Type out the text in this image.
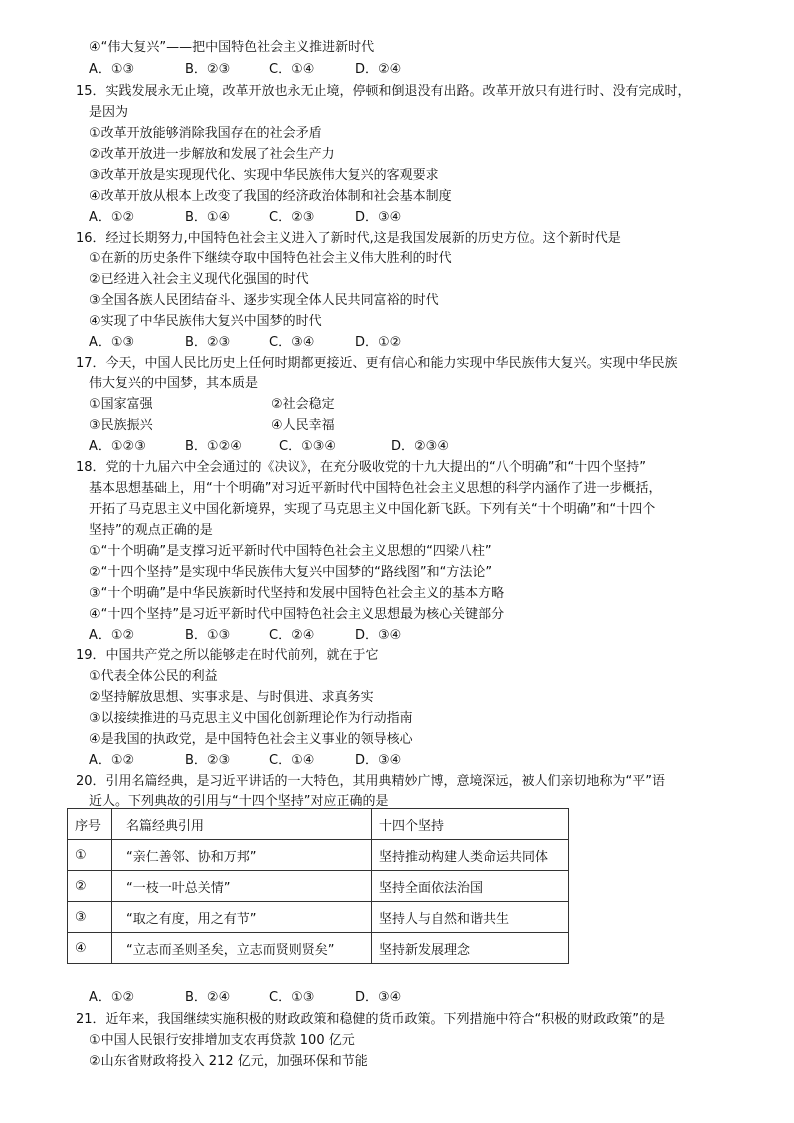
④“伟大复兴”——把中国特色社会主义推进新时代
A．①③	B．②③	C．①④	D．②④
15．实践发展永无止境，改革开放也永无止境，停顿和倒退没有出路。改革开放只有进行时、没有完成时，
是因为
①改革开放能够消除我国存在的社会矛盾
②改革开放进一步解放和发展了社会生产力
③改革开放是实现现代化、实现中华民族伟大复兴的客观要求
④改革开放从根本上改变了我国的经济政治体制和社会基本制度
A．①②	B．①④	C．②③	D．③④
16．经过长期努力,中国特色社会主义进入了新时代,这是我国发展新的历史方位。这个新时代是
①在新的历史条件下继续夺取中国特色社会主义伟大胜利的时代
②已经进入社会主义现代化强国的时代
③全国各族人民团结奋斗、逐步实现全体人民共同富裕的时代
④实现了中华民族伟大复兴中国梦的时代
A．①③	B．②③	C．③④	D．①②
17．今天，中国人民比历史上任何时期都更接近、更有信心和能力实现中华民族伟大复兴。实现中华民族
伟大复兴的中国梦，其本质是
①国家富强	②社会稳定
③民族振兴	④人民幸福
A．①②③	B．①②④	C．①③④	D．②③④
18．党的十九届六中全会通过的《决议》，在充分吸收党的十九大提出的“八个明确”和“十四个坚持”
基本思想基础上，用“十个明确”对习近平新时代中国特色社会主义思想的科学内涵作了进一步概括，
开拓了马克思主义中国化新境界，实现了马克思主义中国化新飞跃。下列有关“十个明确”和“十四个
坚持”的观点正确的是
①“十个明确”是支撑习近平新时代中国特色社会主义思想的“四梁八柱”
②“十四个坚持”是实现中华民族伟大复兴中国梦的“路线图”和“方法论”
③“十个明确”是中华民族新时代坚持和发展中国特色社会主义的基本方略
④“十四个坚持”是习近平新时代中国特色社会主义思想最为核心关键部分
A．①②	B．①③	C．②④	D．③④
19．中国共产党之所以能够走在时代前列，就在于它
①代表全体公民的利益
②坚持解放思想、实事求是、与时俱进、求真务实
③以接续推进的马克思主义中国化创新理论作为行动指南
④是我国的执政党，是中国特色社会主义事业的领导核心
A．①②	B．②③	C．①④	D．③④
20．引用名篇经典，是习近平讲话的一大特色，其用典精妙广博，意境深远，被人们亲切地称为“平”语
近人。下列典故的引用与“十四个坚持”对应正确的是
序号	名篇经典引用	十四个坚持
①	“亲仁善邻、协和万邦”	坚持推动构建人类命运共同体
②	“一枝一叶总关情”	坚持全面依法治国
③	“取之有度，用之有节”	坚持人与自然和谐共生
④	“立志而圣则圣矣，立志而贤则贤矣”	坚持新发展理念
A．①②	B．②④	C．①③	D．③④
21．近年来，我国继续实施积极的财政政策和稳健的货币政策。下列措施中符合“积极的财政政策”的是
①中国人民银行安排增加支农再贷款 100 亿元
②山东省财政将投入 212 亿元，加强环保和节能
